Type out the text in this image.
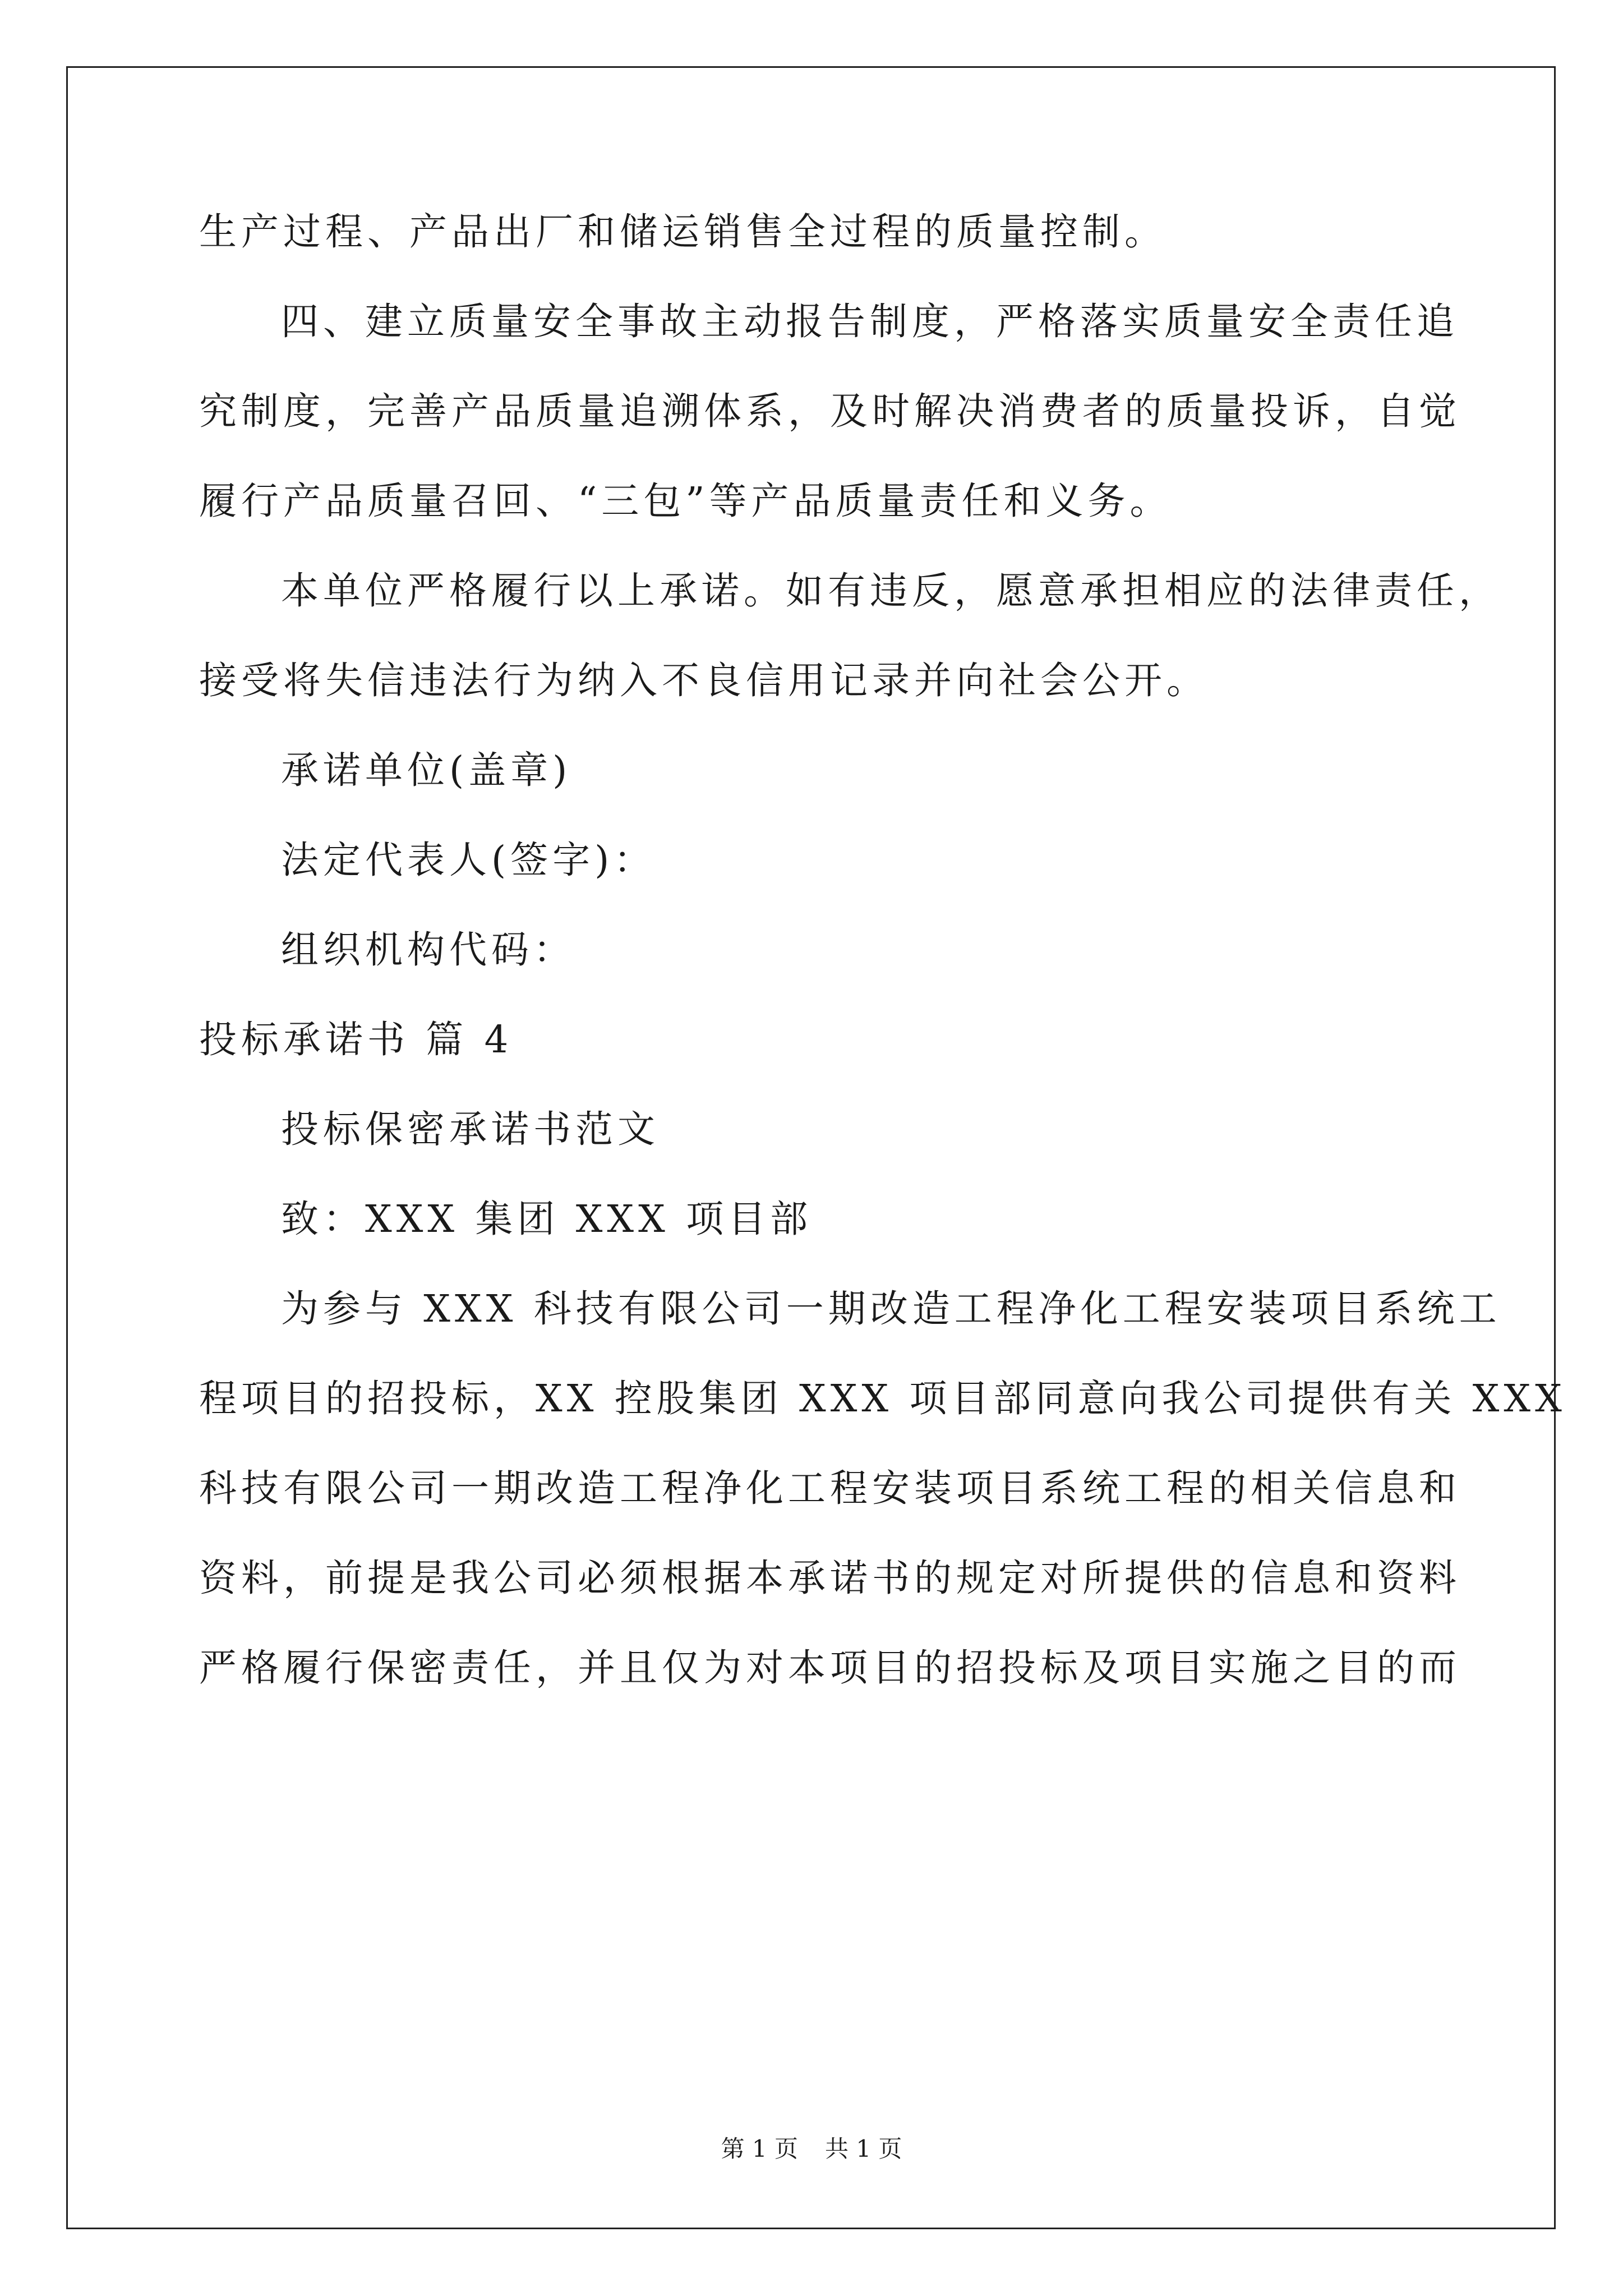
生产过程、产品出厂和储运销售全过程的质量控制。
四、建立质量安全事故主动报告制度，严格落实质量安全责任追
究制度，完善产品质量追溯体系，及时解决消费者的质量投诉，自觉
履行产品质量召回、“三包”等产品质量责任和义务。
本单位严格履行以上承诺。如有违反，愿意承担相应的法律责任，
接受将失信违法行为纳入不良信用记录并向社会公开。
承诺单位(盖章)
法定代表人(签字)：
组织机构代码：
投标承诺书 篇 4
投标保密承诺书范文
致：XXX 集团 XXX 项目部
为参与 XXX 科技有限公司一期改造工程净化工程安装项目系统工
程项目的招投标，XX 控股集团 XXX 项目部同意向我公司提供有关 XXX
科技有限公司一期改造工程净化工程安装项目系统工程的相关信息和
资料，前提是我公司必须根据本承诺书的规定对所提供的信息和资料
严格履行保密责任，并且仅为对本项目的招投标及项目实施之目的而
第 1 页 共 1 页
